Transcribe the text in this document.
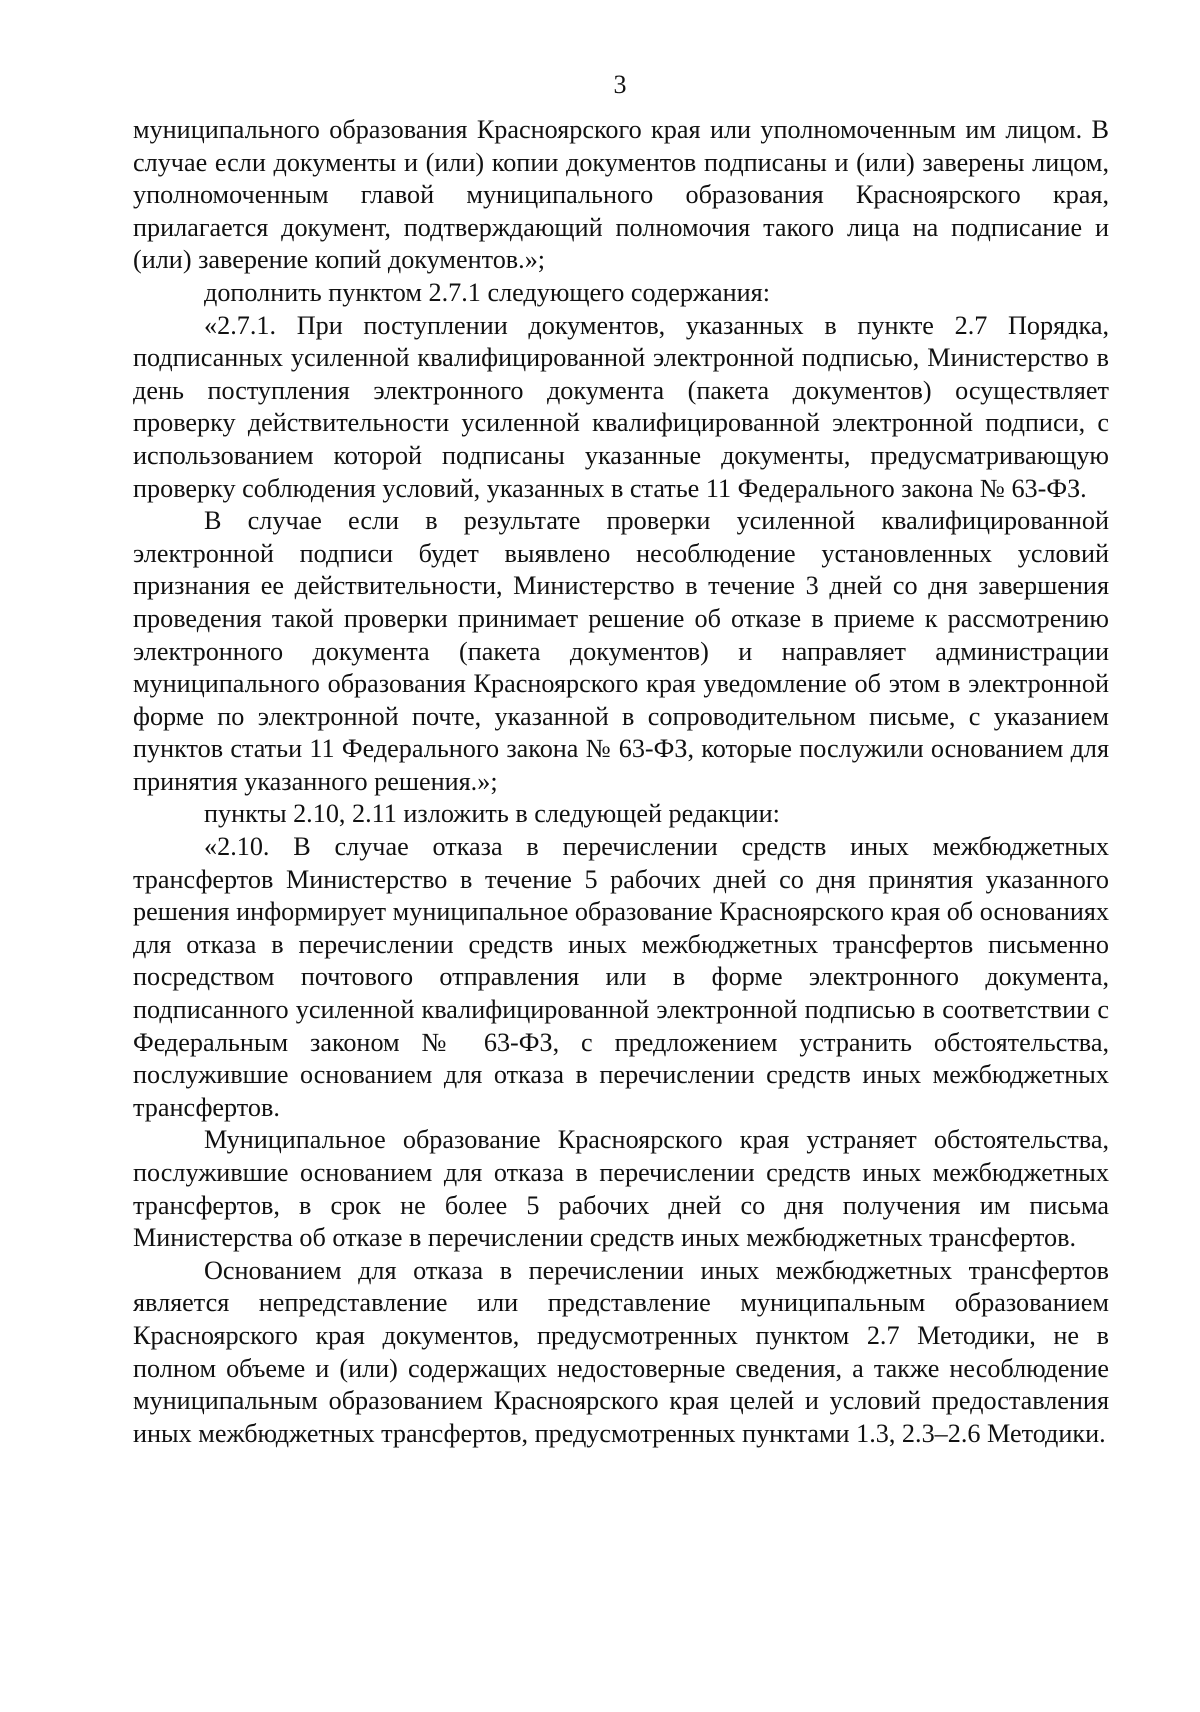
3

муниципального образования Красноярского края или уполномоченным им лицом. В случае если документы и (или) копии документов подписаны и (или) заверены лицом, уполномоченным главой муниципального образования Красноярского края, прилагается документ, подтверждающий полномочия такого лица на подписание и (или) заверение копий документов.»;

дополнить пунктом 2.7.1 следующего содержания:

«2.7.1. При поступлении документов, указанных в пункте 2.7 Порядка, подписанных усиленной квалифицированной электронной подписью, Министерство в день поступления электронного документа (пакета документов) осуществляет проверку действительности усиленной квалифицированной электронной подписи, с использованием которой подписаны указанные документы, предусматривающую проверку соблюдения условий, указанных в статье 11 Федерального закона № 63-ФЗ.

В случае если в результате проверки усиленной квалифицированной электронной подписи будет выявлено несоблюдение установленных условий признания ее действительности, Министерство в течение 3 дней со дня завершения проведения такой проверки принимает решение об отказе в приеме к рассмотрению электронного документа (пакета документов) и направляет администрации муниципального образования Красноярского края уведомление об этом в электронной форме по электронной почте, указанной в сопроводительном письме, с указанием пунктов статьи 11 Федерального закона № 63-ФЗ, которые послужили основанием для принятия указанного решения.»;

пункты 2.10, 2.11 изложить в следующей редакции:

«2.10. В случае отказа в перечислении средств иных межбюджетных трансфертов Министерство в течение 5 рабочих дней со дня принятия указанного решения информирует муниципальное образование Красноярского края об основаниях для отказа в перечислении средств иных межбюджетных трансфертов письменно посредством почтового отправления или в форме электронного документа, подписанного усиленной квалифицированной электронной подписью в соответствии с Федеральным законом № 63-ФЗ, с предложением устранить обстоятельства, послужившие основанием для отказа в перечислении средств иных межбюджетных трансфертов.

Муниципальное образование Красноярского края устраняет обстоятельства, послужившие основанием для отказа в перечислении средств иных межбюджетных трансфертов, в срок не более 5 рабочих дней со дня получения им письма Министерства об отказе в перечислении средств иных межбюджетных трансфертов.

Основанием для отказа в перечислении иных межбюджетных трансфертов является непредставление или представление муниципальным образованием Красноярского края документов, предусмотренных пунктом 2.7 Методики, не в полном объеме и (или) содержащих недостоверные сведения, а также несоблюдение муниципальным образованием Красноярского края целей и условий предоставления иных межбюджетных трансфертов, предусмотренных пунктами 1.3, 2.3–2.6 Методики.
